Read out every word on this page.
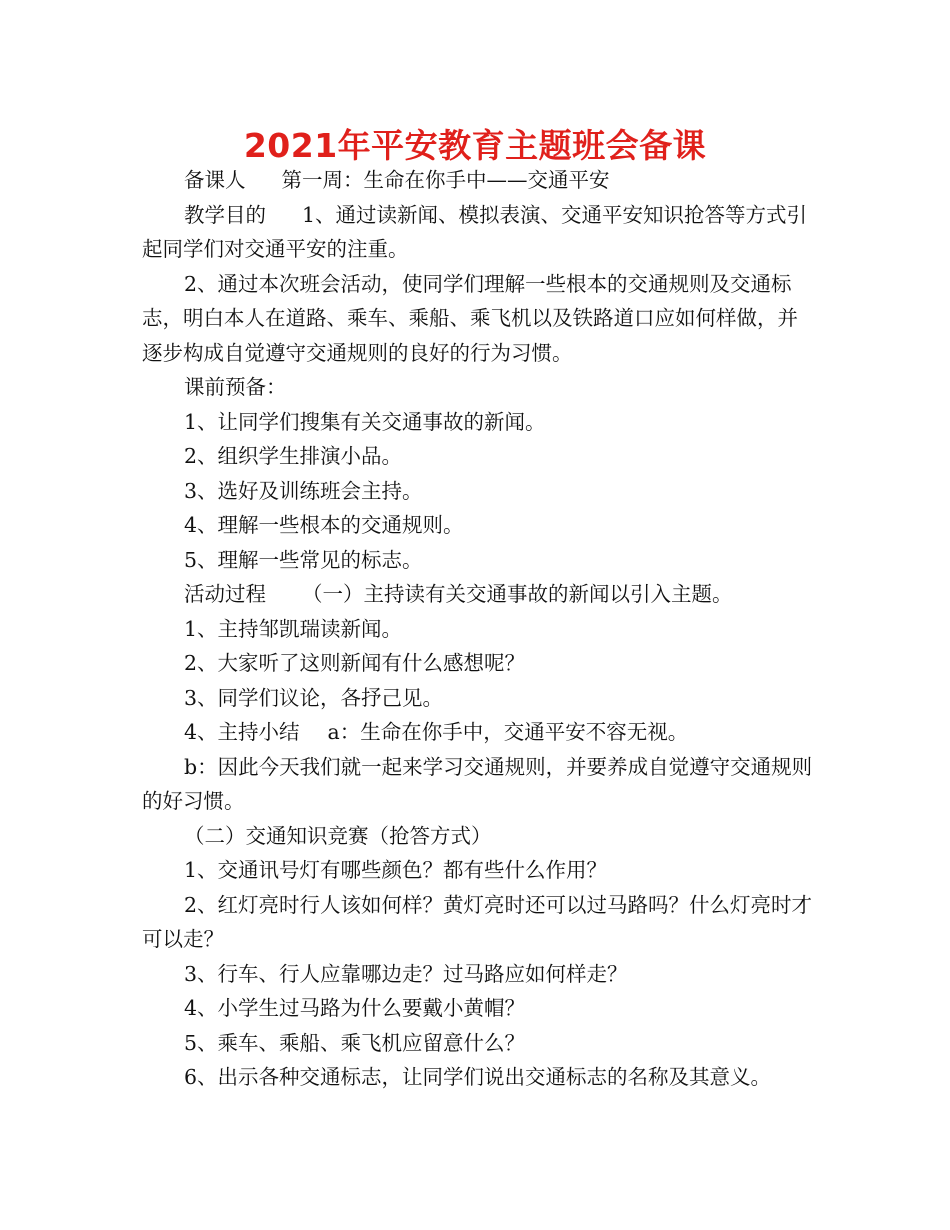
2021年平安教育主题班会备课

备课人 第一周：生命在你手中——交通平安

教学目的 1、通过读新闻、模拟表演、交通平安知识抢答等方式引起同学们对交通平安的注重。

2、通过本次班会活动，使同学们理解一些根本的交通规则及交通标志，明白本人在道路、乘车、乘船、乘飞机以及铁路道口应如何样做，并逐步构成自觉遵守交通规则的良好的行为习惯。

课前预备：

1、让同学们搜集有关交通事故的新闻。

2、组织学生排演小品。

3、选好及训练班会主持。

4、理解一些根本的交通规则。

5、理解一些常见的标志。

活动过程 （一）主持读有关交通事故的新闻以引入主题。

1、主持邹凯瑞读新闻。

2、大家听了这则新闻有什么感想呢？

3、同学们议论，各抒己见。

4、主持小结 a：生命在你手中，交通平安不容无视。

b：因此今天我们就一起来学习交通规则，并要养成自觉遵守交通规则的好习惯。

（二）交通知识竞赛（抢答方式）

1、交通讯号灯有哪些颜色？都有些什么作用？

2、红灯亮时行人该如何样？黄灯亮时还可以过马路吗？什么灯亮时才可以走？

3、行车、行人应靠哪边走？过马路应如何样走？

4、小学生过马路为什么要戴小黄帽？

5、乘车、乘船、乘飞机应留意什么？

6、出示各种交通标志，让同学们说出交通标志的名称及其意义。
